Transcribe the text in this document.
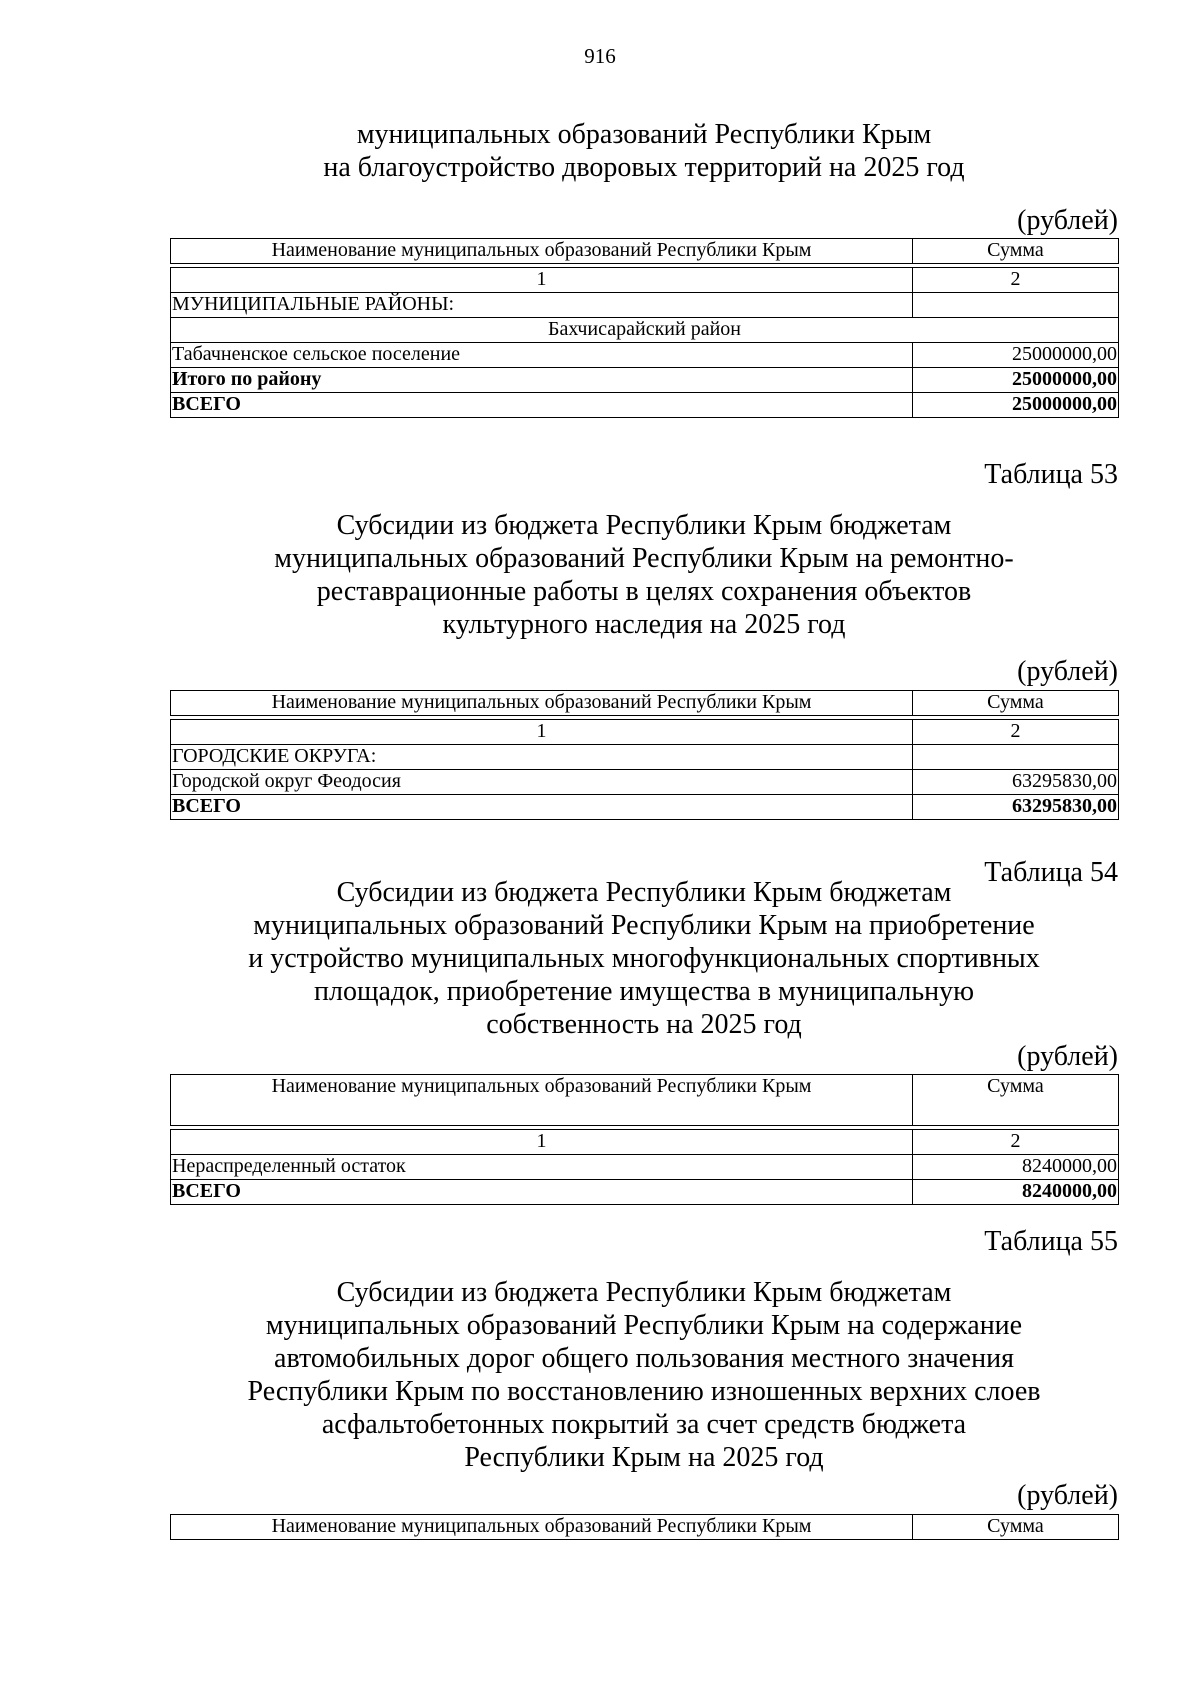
916
муниципальных образований Республики Крым
на благоустройство дворовых территорий на 2025 год
(рублей)
Наименование муниципальных образований Республики Крым	Сумма

1	2
МУНИЦИПАЛЬНЫЕ РАЙОНЫ:	
Бахчисарайский район	
Табачненское сельское поселение	25000000,00
Итого по району	25000000,00
ВСЕГО	25000000,00
Таблица 53
Субсидии из бюджета Республики Крым бюджетам
муниципальных образований Республики Крым на ремонтно-
реставрационные работы в целях сохранения объектов
культурного наследия на 2025 год
(рублей)
Наименование муниципальных образований Республики Крым	Сумма

1	2
ГОРОДСКИЕ ОКРУГА:	
Городской округ Феодосия	63295830,00
ВСЕГО	63295830,00
Таблица 54
Субсидии из бюджета Республики Крым бюджетам
муниципальных образований Республики Крым на приобретение
и устройство муниципальных многофункциональных спортивных
площадок, приобретение имущества в муниципальную
собственность на 2025 год
(рублей)
Наименование муниципальных образований Республики Крым	Сумма

1	2
Нераспределенный остаток	8240000,00
ВСЕГО	8240000,00
Таблица 55
Субсидии из бюджета Республики Крым бюджетам
муниципальных образований Республики Крым на содержание
автомобильных дорог общего пользования местного значения
Республики Крым по восстановлению изношенных верхних слоев
асфальтобетонных покрытий за счет средств бюджета
Республики Крым на 2025 год
(рублей)
Наименование муниципальных образований Республики Крым	Сумма
